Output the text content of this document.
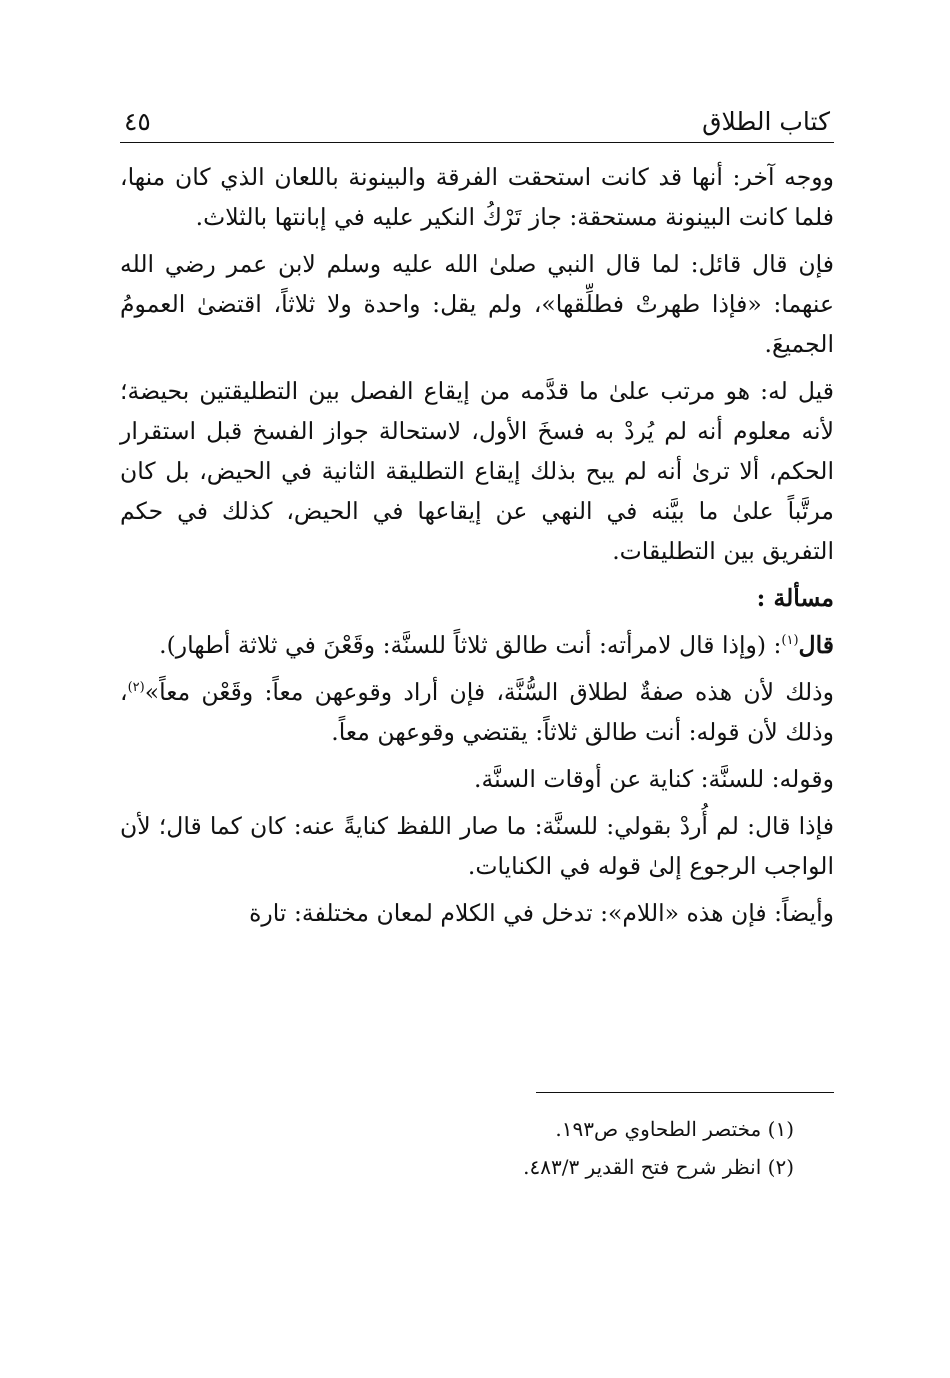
كتاب الطلاق
٤٥

ووجه آخر: أنها قد كانت استحقت الفرقة والبينونة باللعان الذي كان منها، فلما كانت البينونة مستحقة: جاز تَرْكُ النكير عليه في إبانتها بالثلاث.

فإن قال قائل: لما قال النبي صلىٰ الله عليه وسلم لابن عمر رضي الله عنهما: «فإذا طهرتْ فطلِّقها»، ولم يقل: واحدة ولا ثلاثاً، اقتضىٰ العمومُ الجميعَ.

قيل له: هو مرتب علىٰ ما قدَّمه من إيقاع الفصل بين التطليقتين بحيضة؛ لأنه معلوم أنه لم يُردْ به فسخَ الأول، لاستحالة جواز الفسخ قبل استقرار الحكم، ألا ترىٰ أنه لم يبح بذلك إيقاع التطليقة الثانية في الحيض، بل كان مرتَّباً علىٰ ما بيَّنه في النهي عن إيقاعها في الحيض، كذلك في حكم التفريق بين التطليقات.

مسألة :

قال$^{(١)}$: (وإذا قال لامرأته: أنت طالق ثلاثاً للسنَّة: وقَعْنَ في ثلاثة أطهار).

وذلك لأن هذه صفةٌ لطلاق السُّنَّة، فإن أراد وقوعهن معاً: وقَعْن معاً»$^{(٢)}$، وذلك لأن قوله: أنت طالق ثلاثاً: يقتضي وقوعهن معاً.

وقوله: للسنَّة: كناية عن أوقات السنَّة.

فإذا قال: لم أُردْ بقولي: للسنَّة: ما صار اللفظ كنايةً عنه: كان كما قال؛ لأن الواجب الرجوع إلىٰ قوله في الكنايات.

وأيضاً: فإن هذه «اللام»: تدخل في الكلام لمعان مختلفة: تارة

(١) مختصر الطحاوي ص١٩٣.

(٢) انظر شرح فتح القدير ٤٨٣/٣.
